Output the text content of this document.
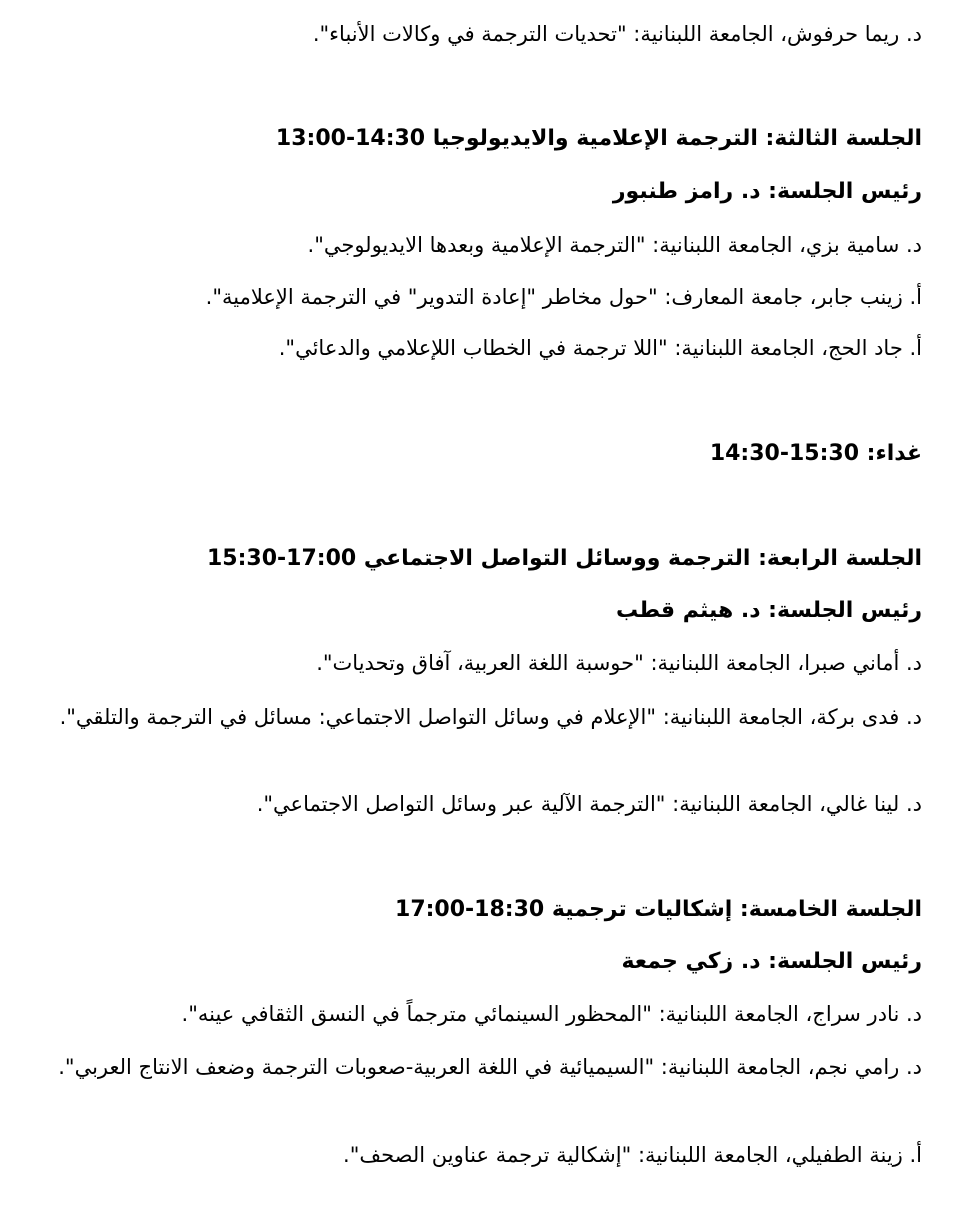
د. ريما حرفوش، الجامعة اللبنانية: "تحديات الترجمة في وكالات الأنباء".
الجلسة الثالثة: الترجمة الإعلامية والايديولوجيا 13:00-14:30
رئيس الجلسة: د. رامز طنبور
د. سامية بزي، الجامعة اللبنانية: "الترجمة الإعلامية وبعدها الايديولوجي".
أ. زينب جابر، جامعة المعارف: "حول مخاطر "إعادة التدوير" في الترجمة الإعلامية".
أ. جاد الحج، الجامعة اللبنانية: "اللا ترجمة في الخطاب اللإعلامي والدعائي".
غداء: 14:30-15:30
الجلسة الرابعة: الترجمة ووسائل التواصل الاجتماعي 15:30-17:00
رئيس الجلسة: د. هيثم قطب
د. أماني صبرا، الجامعة اللبنانية: "حوسبة اللغة العربية، آفاق وتحديات".
د. فدى بركة، الجامعة اللبنانية: "الإعلام في وسائل التواصل الاجتماعي: مسائل في الترجمة والتلقي".
د. لينا غالي، الجامعة اللبنانية: "الترجمة الآلية عبر وسائل التواصل الاجتماعي".
الجلسة الخامسة: إشكاليات ترجمية 17:00-18:30
رئيس الجلسة: د. زكي جمعة
د. نادر سراج، الجامعة اللبنانية: "المحظور السينمائي مترجماً في النسق الثقافي عينه".
د. رامي نجم، الجامعة اللبنانية: "السيميائية في اللغة العربية-صعوبات الترجمة وضعف الانتاج العربي".
أ. زينة الطفيلي، الجامعة اللبنانية: "إشكالية ترجمة عناوين الصحف".
